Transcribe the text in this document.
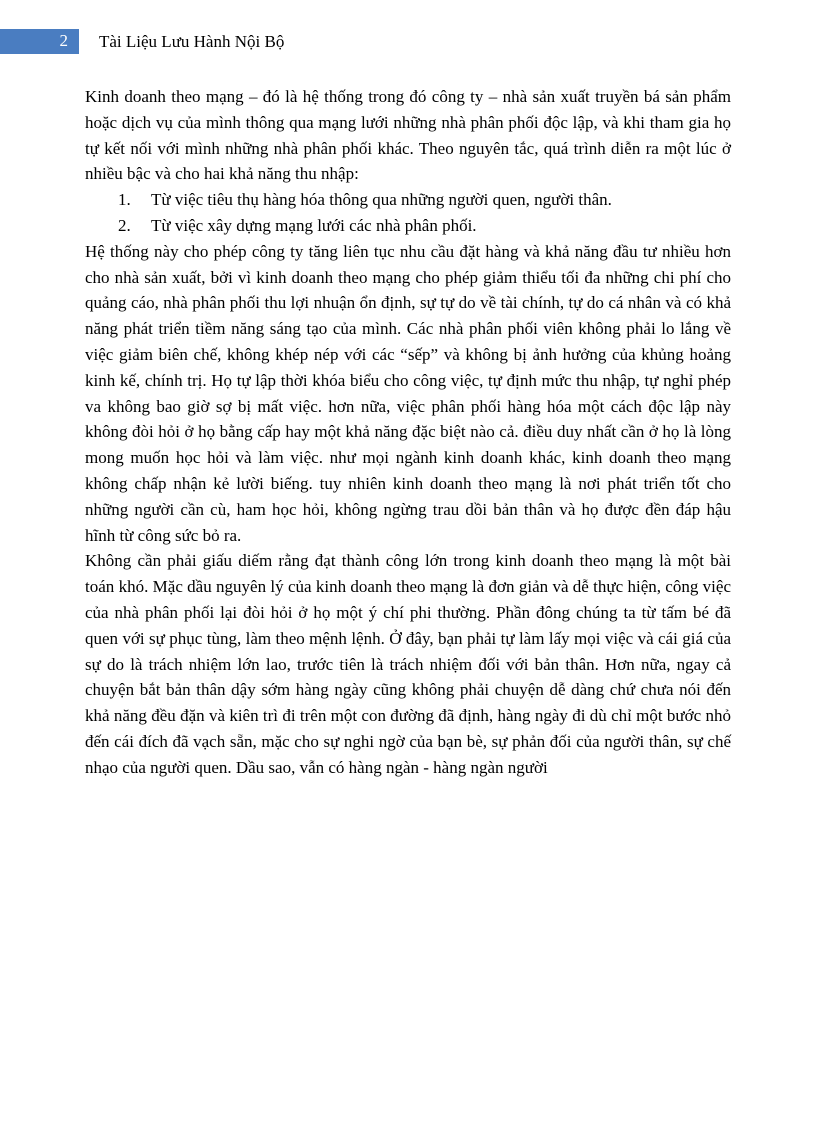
2 Tài Liệu Lưu Hành Nội Bộ

Kinh doanh theo mạng – đó là hệ thống trong đó công ty – nhà sản xuất truyền bá sản phẩm hoặc dịch vụ của mình thông qua mạng lưới những nhà phân phối độc lập, và khi tham gia họ tự kết nối với mình những nhà phân phối khác. Theo nguyên tắc, quá trình diễn ra một lúc ở nhiều bậc và cho hai khả năng thu nhập:

1. Từ việc tiêu thụ hàng hóa thông qua những người quen, người thân.
2. Từ việc xây dựng mạng lưới các nhà phân phối.

Hệ thống này cho phép công ty tăng liên tục nhu cầu đặt hàng và khả năng đầu tư nhiều hơn cho nhà sản xuất, bởi vì kinh doanh theo mạng cho phép giảm thiểu tối đa những chi phí cho quảng cáo, nhà phân phối thu lợi nhuận ổn định, sự tự do về tài chính, tự do cá nhân và có khả năng phát triển tiềm năng sáng tạo của mình. Các nhà phân phối viên không phải lo lắng về việc giảm biên chế, không khép nép với các “sếp” và không bị ảnh hưởng của khủng hoảng kinh kế, chính trị. Họ tự lập thời khóa biểu cho công việc, tự định mức thu nhập, tự nghỉ phép va không bao giờ sợ bị mất việc. hơn nữa, việc phân phối hàng hóa một cách độc lập này không đòi hỏi ở họ bằng cấp hay một khả năng đặc biệt nào cả. điều duy nhất cần ở họ là lòng mong muốn học hỏi và làm việc. như mọi ngành kinh doanh khác, kinh doanh theo mạng không chấp nhận kẻ lười biếng. tuy nhiên kinh doanh theo mạng là nơi phát triển tốt cho những người cần cù, ham học hỏi, không ngừng trau dồi bản thân và họ được đền đáp hậu hĩnh từ công sức bỏ ra.

Không cần phải giấu diếm rằng đạt thành công lớn trong kinh doanh theo mạng là một bài toán khó. Mặc dầu nguyên lý của kinh doanh theo mạng là đơn giản và dễ thực hiện, công việc của nhà phân phối lại đòi hỏi ở họ một ý chí phi thường. Phần đông chúng ta từ tấm bé đã quen với sự phục tùng, làm theo mệnh lệnh. Ở đây, bạn phải tự làm lấy mọi việc và cái giá của sự do là trách nhiệm lớn lao, trước tiên là trách nhiệm đối với bản thân. Hơn nữa, ngay cả chuyện bắt bản thân dậy sớm hàng ngày cũng không phải chuyện dễ dàng chứ chưa nói đến khả năng đều đặn và kiên trì đi trên một con đường đã định, hàng ngày đi dù chỉ một bước nhỏ đến cái đích đã vạch sẵn, mặc cho sự nghi ngờ của bạn bè, sự phản đối của người thân, sự chế nhạo của người quen. Dầu sao, vẫn có hàng ngàn - hàng ngàn người
